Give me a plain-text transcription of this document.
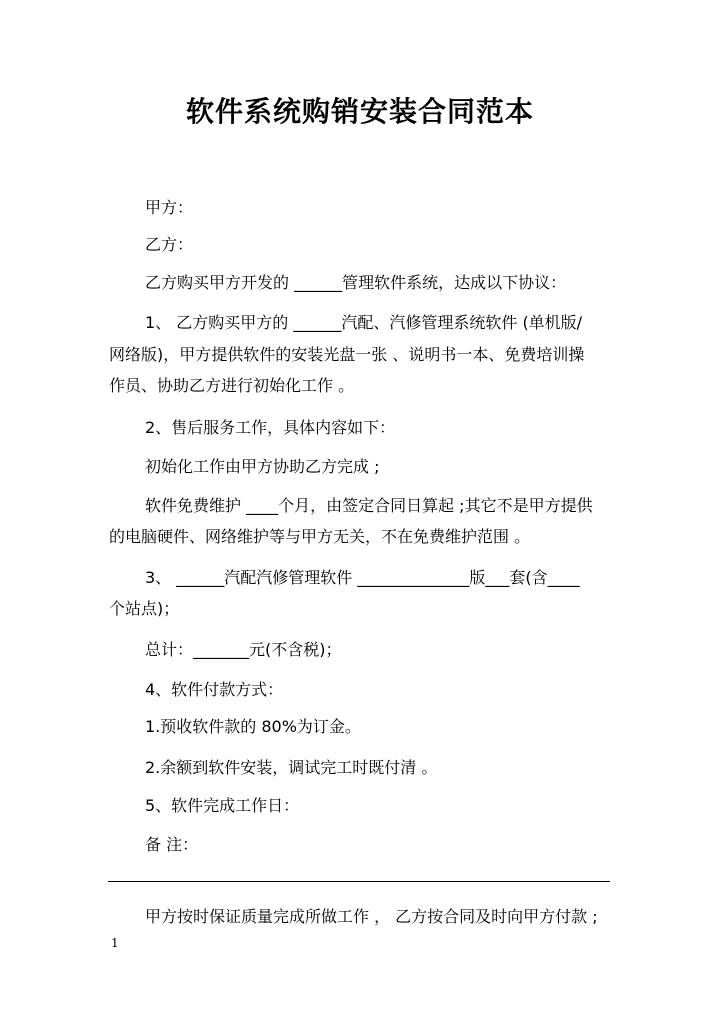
软件系统购销安装合同范本
甲方：
乙方：
乙方购买甲方开发的 ______管理软件系统，达成以下协议：
1、 乙方购买甲方的 ______汽配、汽修管理系统软件 (单机版/
网络版)，甲方提供软件的安装光盘一张 、说明书一本、免费培训操
作员、协助乙方进行初始化工作 。
2、售后服务工作，具体内容如下：
初始化工作由甲方协助乙方完成 ;
软件免费维护 ____个月，由签定合同日算起 ;其它不是甲方提供
的电脑硬件、网络维护等与甲方无关，不在免费维护范围 。
3、 ______汽配汽修管理软件 ______________版___套(含____
个站点)；
总计：_______元(不含税)；
4、软件付款方式：
1.预收软件款的 80%为订金。
2.余额到软件安装，调试完工时既付清 。
5、软件完成工作日：
备 注：
甲方按时保证质量完成所做工作 ， 乙方按合同及时向甲方付款 ;
1
